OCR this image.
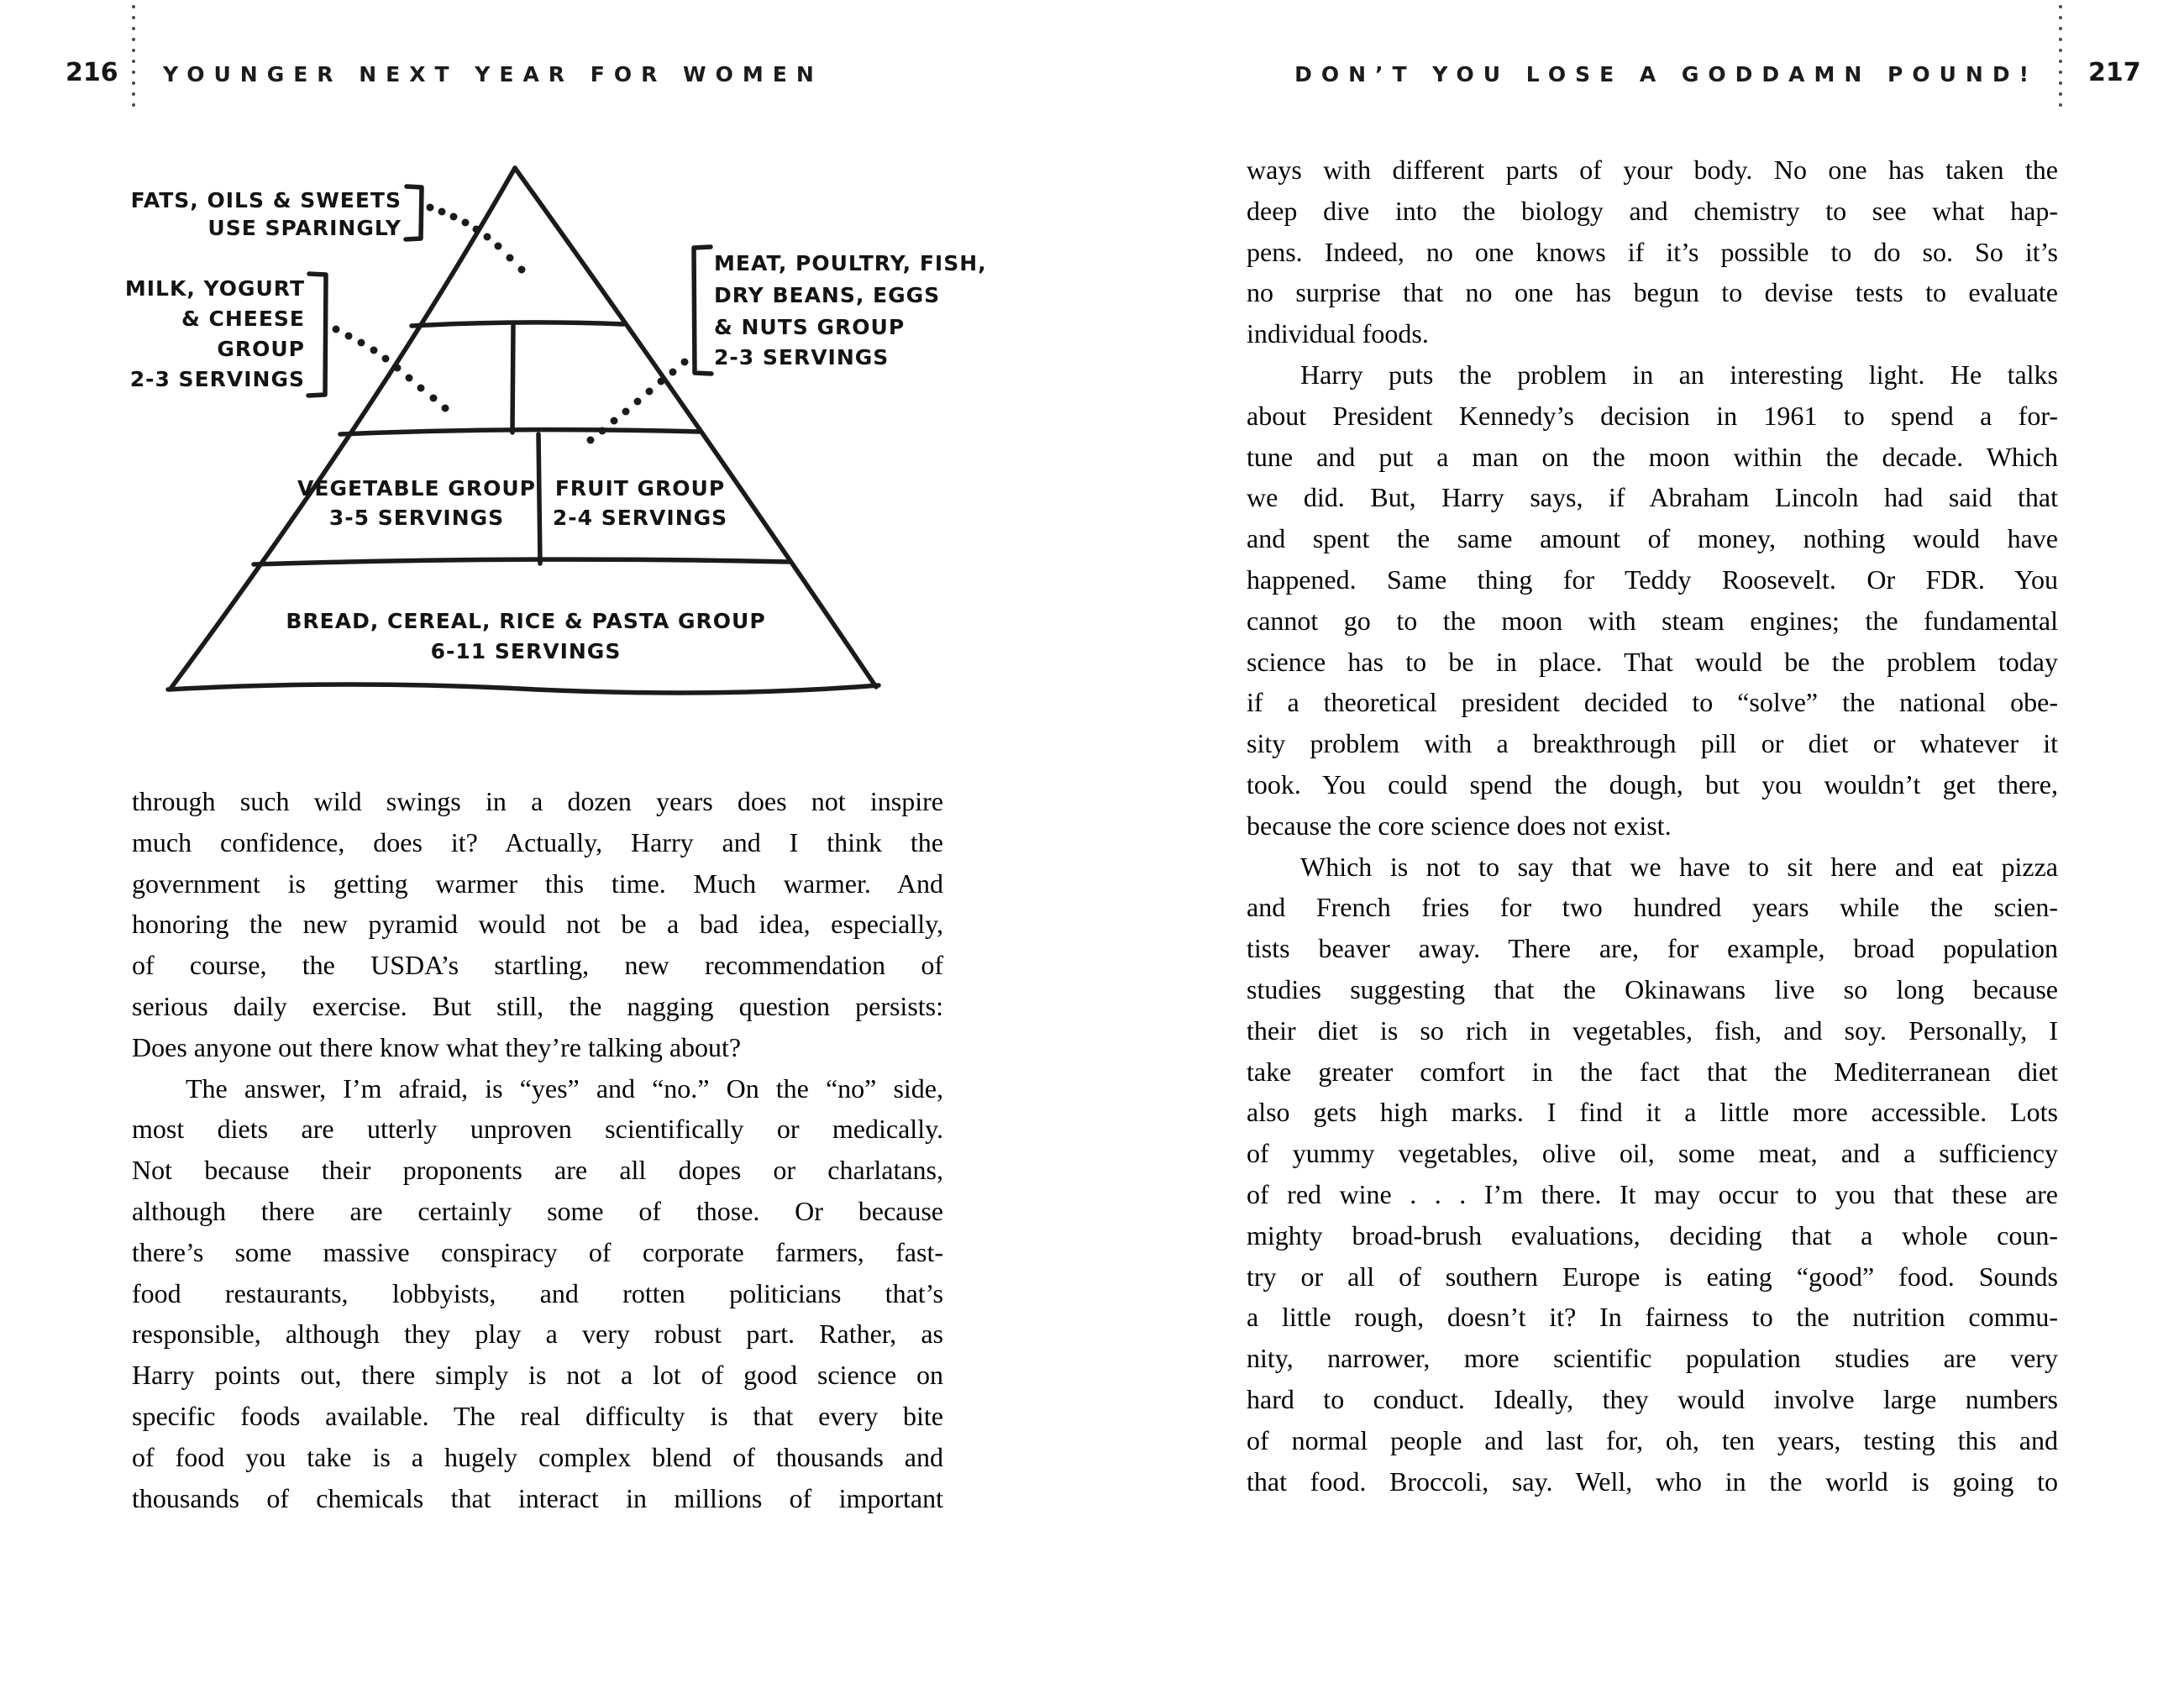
216 YOUNGER NEXT YEAR FOR WOMEN	DON’T YOU LOSE A GODDAMN POUND! 217
FATS, OILS & SWEETS
USE SPARINGLY
MILK, YOGURT
& CHEESE
GROUP
2-3 SERVINGS
MEAT, POULTRY, FISH,
DRY BEANS, EGGS
& NUTS GROUP
2-3 SERVINGS
VEGETABLE GROUP
3-5 SERVINGS
FRUIT GROUP
2-4 SERVINGS
BREAD, CEREAL, RICE & PASTA GROUP
6-11 SERVINGS
through such wild swings in a dozen years does not inspire
much confidence, does it? Actually, Harry and I think the
government is getting warmer this time. Much warmer. And
honoring the new pyramid would not be a bad idea, especially,
of course, the USDA’s startling, new recommendation of
serious daily exercise. But still, the nagging question persists:
Does anyone out there know what they’re talking about?
The answer, I’m afraid, is “yes” and “no.” On the “no” side,
most diets are utterly unproven scientifically or medically.
Not because their proponents are all dopes or charlatans,
although there are certainly some of those. Or because
there’s some massive conspiracy of corporate farmers, fast-
food restaurants, lobbyists, and rotten politicians that’s
responsible, although they play a very robust part. Rather, as
Harry points out, there simply is not a lot of good science on
specific foods available. The real difficulty is that every bite
of food you take is a hugely complex blend of thousands and
thousands of chemicals that interact in millions of important
ways with different parts of your body. No one has taken the
deep dive into the biology and chemistry to see what hap-
pens. Indeed, no one knows if it’s possible to do so. So it’s
no surprise that no one has begun to devise tests to evaluate
individual foods.
Harry puts the problem in an interesting light. He talks
about President Kennedy’s decision in 1961 to spend a for-
tune and put a man on the moon within the decade. Which
we did. But, Harry says, if Abraham Lincoln had said that
and spent the same amount of money, nothing would have
happened. Same thing for Teddy Roosevelt. Or FDR. You
cannot go to the moon with steam engines; the fundamental
science has to be in place. That would be the problem today
if a theoretical president decided to “solve” the national obe-
sity problem with a breakthrough pill or diet or whatever it
took. You could spend the dough, but you wouldn’t get there,
because the core science does not exist.
Which is not to say that we have to sit here and eat pizza
and French fries for two hundred years while the scien-
tists beaver away. There are, for example, broad population
studies suggesting that the Okinawans live so long because
their diet is so rich in vegetables, fish, and soy. Personally, I
take greater comfort in the fact that the Mediterranean diet
also gets high marks. I find it a little more accessible. Lots
of yummy vegetables, olive oil, some meat, and a sufficiency
of red wine . . . I’m there. It may occur to you that these are
mighty broad-brush evaluations, deciding that a whole coun-
try or all of southern Europe is eating “good” food. Sounds
a little rough, doesn’t it? In fairness to the nutrition commu-
nity, narrower, more scientific population studies are very
hard to conduct. Ideally, they would involve large numbers
of normal people and last for, oh, ten years, testing this and
that food. Broccoli, say. Well, who in the world is going to
